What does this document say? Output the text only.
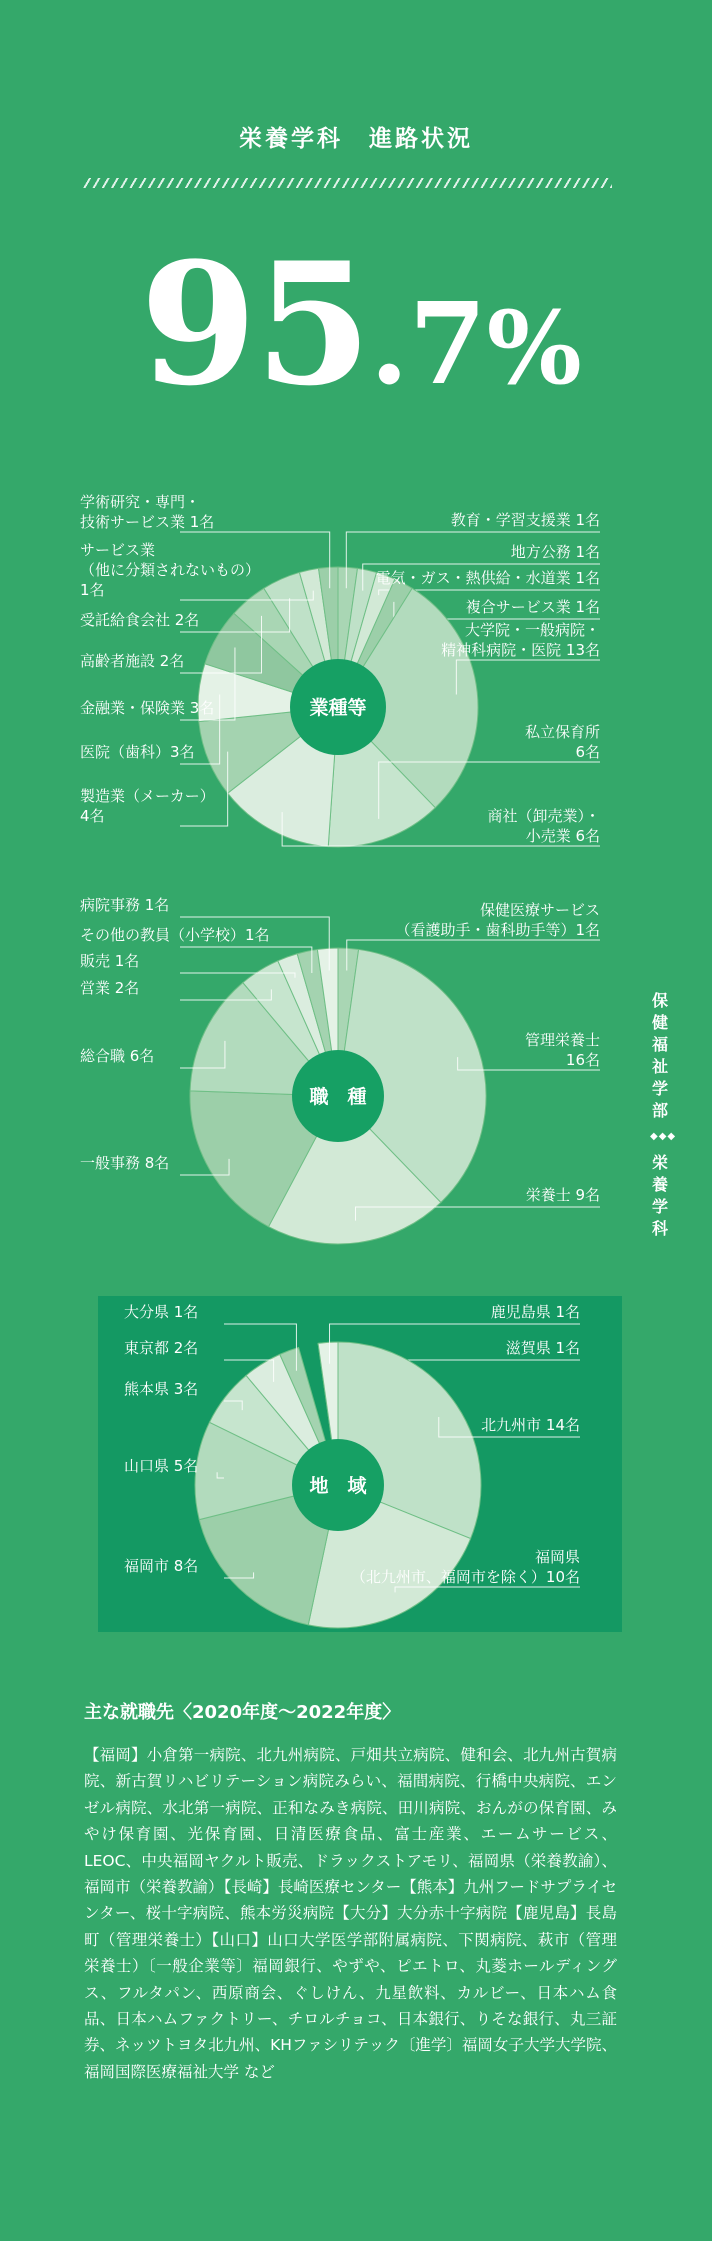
栄養学科　進路状況
95.7%
業種等
職　種
地　域
教育・学習支援業 1名
地方公務 1名
電気・ガス・熱供給・水道業 1名
複合サービス業 1名
大学院・一般病院・
精神科病院・医院 13名
私立保育所
6名
商社（卸売業）・
小売業 6名
製造業（メーカー）
4名
医院（歯科）3名
金融業・保険業 3名
高齢者施設 2名
受託給食会社 2名
サービス業
（他に分類されないもの）
1名
学術研究・専門・
技術サービス業 1名
保健医療サービス
（看護助手・歯科助手等）1名
管理栄養士
16名
栄養士 9名
一般事務 8名
総合職 6名
営業 2名
販売 1名
その他の教員（小学校）1名
病院事務 1名
滋賀県 1名
北九州市 14名
福岡県
（北九州市、福岡市を除く）10名
福岡市 8名
山口県 5名
熊本県 3名
東京都 2名
大分県 1名	鹿児島県 1名
保健福祉学部
◆◆◆
栄養学科
主な就職先〈2020年度〜2022年度〉
【福岡】小倉第一病院、北九州病院、戸畑共立病院、健和会、北九州古賀病院、新古賀リハビリテーション病院みらい、福間病院、行橋中央病院、エンゼル病院、水北第一病院、正和なみき病院、田川病院、おんがの保育園、みやけ保育園、光保育園、日清医療食品、富士産業、エームサービス、LEOC、中央福岡ヤクルト販売、ドラックストアモリ、福岡県（栄養教諭）、福岡市（栄養教諭）【長崎】長崎医療センター【熊本】九州フードサプライセンター、桜十字病院、熊本労災病院【大分】大分赤十字病院【鹿児島】長島町（管理栄養士）【山口】山口大学医学部附属病院、下関病院、萩市（管理栄養士）〔一般企業等〕福岡銀行、やずや、ピエトロ、丸菱ホールディングス、フルタパン、西原商会、ぐしけん、九星飲料、カルビー、日本ハム食品、日本ハムファクトリー、チロルチョコ、日本銀行、りそな銀行、丸三証券、ネッツトヨタ北九州、KHファシリテック〔進学〕福岡女子大学大学院、福岡国際医療福祉大学 など
